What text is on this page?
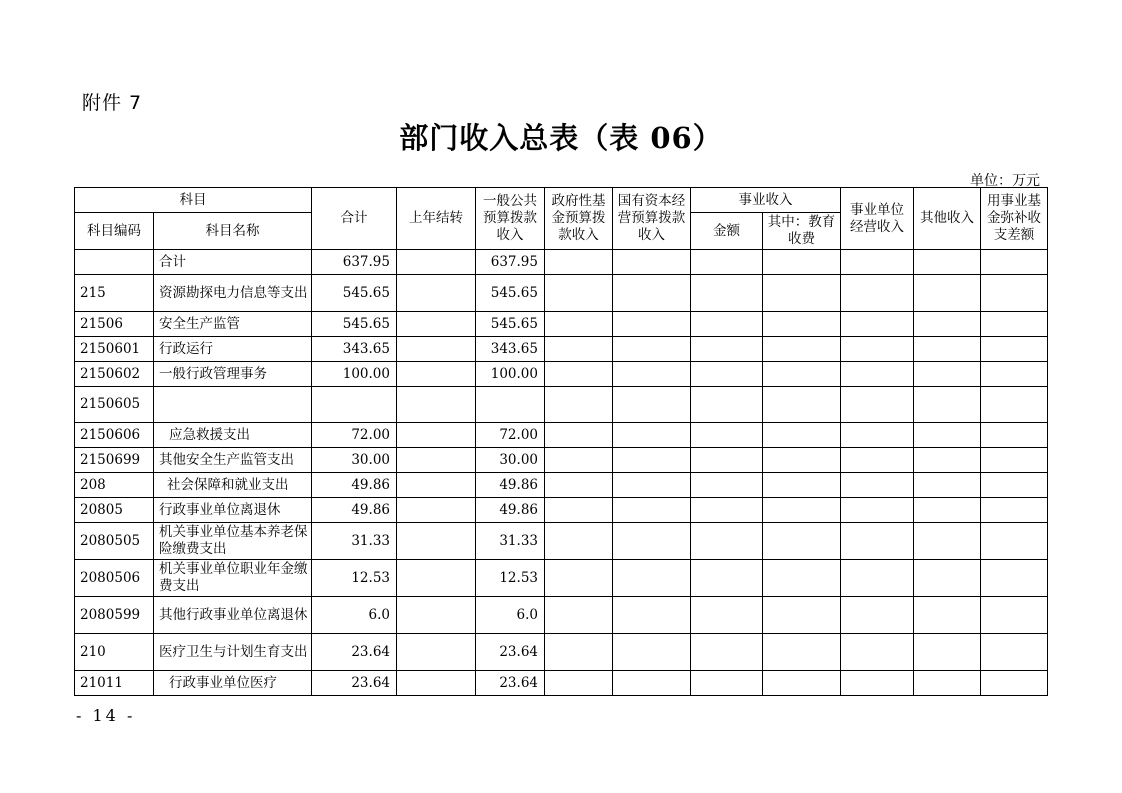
附件 7
部门收入总表（表 06）
单位：万元
科目		合计	上年结转	一般公共预算拨款收入	政府性基金预算拨款收入	国有资本经营预算拨款收入	事业收入		事业单位经营收入	其他收入	用事业基金弥补收支差额
科目编码	科目名称						金额	其中：教育收费			
	合计	637.95		637.95							
215	资源勘探电力信息等支出	545.65		545.65							
21506	安全生产监管	545.65		545.65							
2150601	行政运行	343.65		343.65							
2150602	一般行政管理事务	100.00		100.00							
2150605											
2150606	应急救援支出	72.00		72.00							
2150699	其他安全生产监管支出	30.00		30.00							
208	社会保障和就业支出	49.86		49.86							
20805	行政事业单位离退休	49.86		49.86							
2080505	机关事业单位基本养老保险缴费支出	31.33		31.33							
2080506	机关事业单位职业年金缴费支出	12.53		12.53							
2080599	其他行政事业单位离退休	6.0		6.0							
210	医疗卫生与计划生育支出	23.64		23.64							
21011	行政事业单位医疗	23.64		23.64							
- 14 -
